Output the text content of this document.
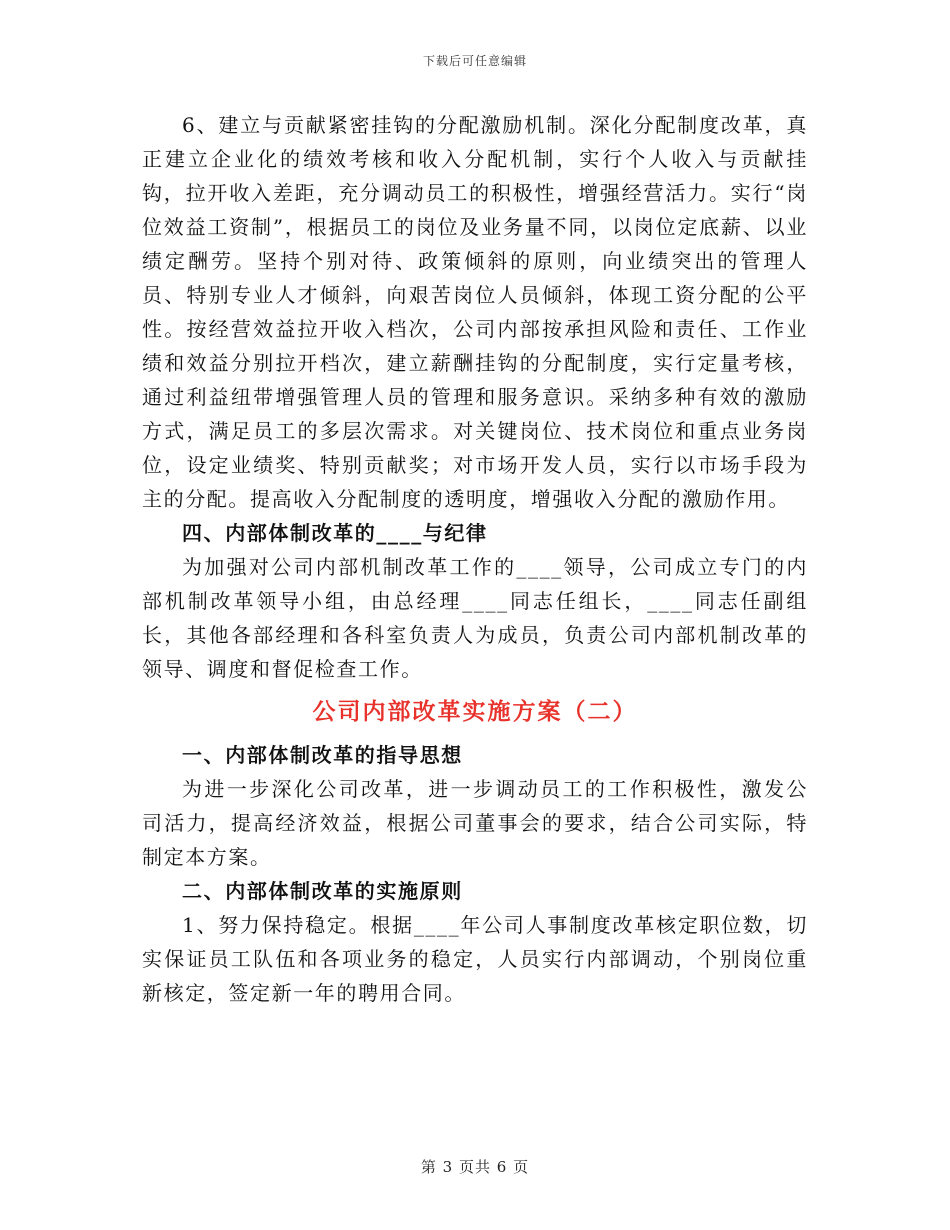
下载后可任意编辑

6、建立与贡献紧密挂钩的分配激励机制。深化分配制度改革，真正建立企业化的绩效考核和收入分配机制，实行个人收入与贡献挂钩，拉开收入差距，充分调动员工的积极性，增强经营活力。实行“岗位效益工资制”，根据员工的岗位及业务量不同，以岗位定底薪、以业绩定酬劳。坚持个别对待、政策倾斜的原则，向业绩突出的管理人员、特别专业人才倾斜，向艰苦岗位人员倾斜，体现工资分配的公平性。按经营效益拉开收入档次，公司内部按承担风险和责任、工作业绩和效益分别拉开档次，建立薪酬挂钩的分配制度，实行定量考核，通过利益纽带增强管理人员的管理和服务意识。采纳多种有效的激励方式，满足员工的多层次需求。对关键岗位、技术岗位和重点业务岗位，设定业绩奖、特别贡献奖；对市场开发人员，实行以市场手段为主的分配。提高收入分配制度的透明度，增强收入分配的激励作用。

四、内部体制改革的____与纪律

为加强对公司内部机制改革工作的____领导，公司成立专门的内部机制改革领导小组，由总经理____同志任组长，____同志任副组长，其他各部经理和各科室负责人为成员，负责公司内部机制改革的领导、调度和督促检查工作。

公司内部改革实施方案（二）

一、内部体制改革的指导思想

为进一步深化公司改革，进一步调动员工的工作积极性，激发公司活力，提高经济效益，根据公司董事会的要求，结合公司实际，特制定本方案。

二、内部体制改革的实施原则

1、努力保持稳定。根据____年公司人事制度改革核定职位数，切实保证员工队伍和各项业务的稳定，人员实行内部调动，个别岗位重新核定，签定新一年的聘用合同。

第 3 页共 6 页
